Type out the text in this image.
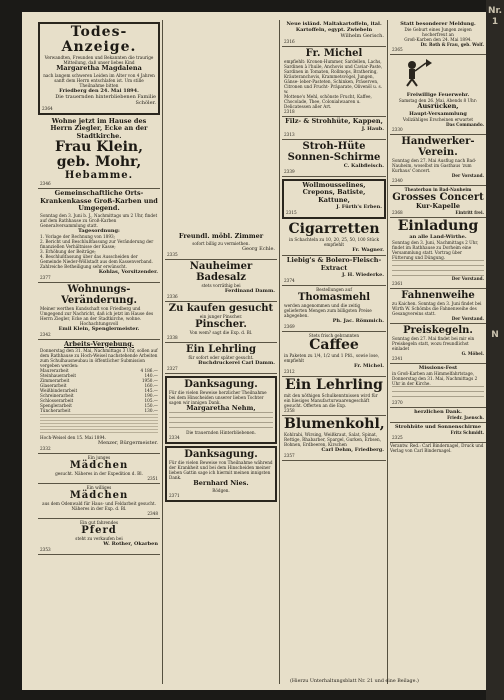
Nr. 1
N
Todes-Anzeige.
Verwandten, Freunden und Bekannten die traurige Mitteilung, daß unser liebes Kind
Margaretha Magdalena
nach langem schweren Leiden im Alter von 4 Jahren sanft dem Herrn entschlafen ist. Um stille Theilnahme bitten
Friedberg den 24. Mai 1894.
Die trauernden hinterbliebenen Familie Schöler.
2364
Wohne jetzt im Hause des Herrn Ziegler, Ecke an der Stadtkirche.
Frau Klein, geb. Mohr,
Hebamme.
2346
Gemeinschaftliche Orts-Krankenkasse Groß-Karben und Umgegend.
Sonntag den 3. Juni b. J., Nachmittags um 2 Uhr, findet auf dem Rathhause zu Groß-Karben Generalversammlung statt.
Tagesordnung:
1. Vorlage der Rechnung von 1893;
2. Bericht und Beschlußfassung zur Veränderung der finanziellen Verhältnisse der Kasse;
3. Erhöhung der Beiträge;
4. Beschlußfassung über das Ausscheiden der Gemeinde Nieder-Wöllstadt aus dem Kassenverband.
Zahlreiche Betheiligung sehr erwünscht.
Kohlas, Vorsitzender.
2377
Wohnungs-Veränderung.
Meiner werthen Kundschaft von Friedberg und Umgegend zur Nachricht, daß ich jetzt im Hause des Herrn Ziegler, Ecke an der Stadtkirche, wohne.
Hochachtungsvoll
Emil Klein, Spenglermeister.
2342
Arbeits-Vergebung.
Donnerstag den 31. Mai, Nachmittags 3 Uhr, sollen auf dem Rathhause zu Hoch-Weisel nachstehende Arbeiten zum Schulhausneubau in öffentlicher Submission vergeben werden:
Maurerarbeit	4 186.—
Steinhauerarbeit	140.—
Zimmerarbeit	1950.—
Glaserarbeit	160.—
Weißbinderarbeit	145.—
Schreinerarbeit	190.—
Schlosserarbeit	105.—
Spenglerarbeit	150.—
Tüncherarbeit	130.—
Hoch-Weisel den 15. Mai 1894.
Menzer, Bürgermeister.
2332
Ein junges
Mädchen
gesucht. Näheres in der Expedition d. Bl.
2351
Ein williges
Mädchen
aus dem Odenwald für Haus- und Feldarbeit gesucht. Näheres in der Exp. d. Bl.
2348
Ein gut fahrendes
Pferd
steht zu verkaufen bei
W. Rother, Okarben
2353
Freundl. möbl. Zimmer
sofort billig zu vermiethen.
Georg Echle.
2335
Nauheimer Badesalz
stets vorräthig bei
Ferdinand Damm.
2336
Zu kaufen gesucht
ein junger Pinscher.
Pinscher.
Von wem? sagt die Exp. d. Bl.
2338
Ein Lehrling
für sofort oder später gesucht.
Buchdruckerei Carl Damm.
2327
Danksagung.
Für die vielen Beweise herzlicher Theilnahme bei dem Hinscheiden unserer lieben Tochter sagen wir innigen Dank.
Margaretha Nehm,
Die trauernden Hinterbliebenen.
2334
Danksagung.
Für die vielen Beweise von Theilnahme während der Krankheit und bei dem Hinscheiden meiner lieben Gattin sage ich hiermit meinen innigsten Dank.
Bernhard Nies.
Rödgen.
2371
Neue isländ. Maltakartoffeln, ital. Kartoffeln, egypt. Zwiebeln
Wilhelm Gerisch.
2316
Fr. Michel
empfiehlt: Kronen-Hummer, Sardellen, Lachs, Sardinen à l'huile, Anchovis und Caviar-Paste, Sardinen in Tomaten, Rollmops, Brathering, Kräuteranchovis, Krammetsvögel, Jungen, Gänse- leber-Pasteten, Schinken, Präserven, Citronen und Frucht- Präparate, Olivenöl u. s. w.
Mottene's Mehl, schönste Frucht, Kaffee, Chocolade, Thee, Colonialwaaren u. Delicatessen aller Art.
2318
Filz- & Strohhüte, Kappen,
J. Haub.
2313
Stroh-Hüte
Sonnen-Schirme
C. Kalbfleisch.
2339
Wollmousselines, Crepons, Batiste, Kattune,
J. Fürth's Erben.
2315
Cigarretten
in Schachteln zu 10, 20, 25, 50, 100 Stück empfiehlt
Fr. Wagner.
Liebig's & Bolero-Fleisch-Extract
J. H. Wiederke.
2374
Bestellungen auf
Thomasmehl
werden angenommen und die zeitig gelieferten Mengen zum billigsten Preise abgegeben.
Ph. Jac. Römmich.
2369
Stets frisch gebrannten
Caffee
in Paketen zu 1/4, 1/2 und 1 Pfd., sowie lose, empfiehlt
Fr. Michel.
2312
Ein Lehrling
mit den nöthigen Schulkenntnissen wird für ein hiesiges Manufacturwaarengeschäft gesucht. Offerten an die Exp.
2358
Blumenkohl,
Kohlrabi, Wirsing, Weißkraut, Salat, Spinat, Rettige, Rhabarber, Spargel, Gurken, Erbsen, Bohnen, Erdbeeren, Kirschen
Carl Dehm, Friedberg.
2357
Statt besonderer Meldung.
Die Geburt eines Jungen zeigen hocherfreut an
Groß-Karben den 24. Mai 1894.
Dr. Roth & Frau, geb. Wolf.
2365
Freiwillige Feuerwehr.
Samstag den 26. Mai, Abends 8 Uhr:
Ausrücken,
Haupt-Versammlung
Vollzähliges Erscheinen erwartet
Das Commando.
2330
Handwerker-Verein.
Sonntag den 27. Mai Ausflug nach Bad-Nauheim, woselbst im Gasthaus 'zum Kurhaus' Concert.
Der Vorstand.
2340
Theaterbau in Bad-Nauheim
Grosses Concert
Kur-Kapelle
2368	Eintritt frei.
Einladung
an alle Land-Wirthe.
Sonntag den 3. Juni, Nachmittags 2 Uhr, findet im Rathhause zu Dorheim eine Versammlung statt. Vortrag über Fütterung und Düngung.
Der Vorstand.
2361
Fahnenweihe
zu Kaichen. Sonntag den 3. Juni findet bei Wirth W. Schömbs die Fahnenweihe des Gesangvereins statt.
Der Vorstand.
Preiskegeln.
Sonntag den 27. Mai findet bei mir ein Preiskegeln statt, wozu freundlichst einladet
G. Möbel.
2341
Missions-Fest
in Groß-Karben am Himmelfahrtstage, Donnerstag den 31. Mai, Nachmittags 2 Uhr in der Kirche.
2370
herzlichen Dank.
Friedr. Jaensch.
Strohhüte und Sonnenschirme
Fritz Schmidt.
2325
Verantw. Red.: Carl Bindernagel, Druck und Verlag von Carl Bindernagel.
(Hierzu Unterhaltungsblatt Nr. 21 und eine Beilage.)
